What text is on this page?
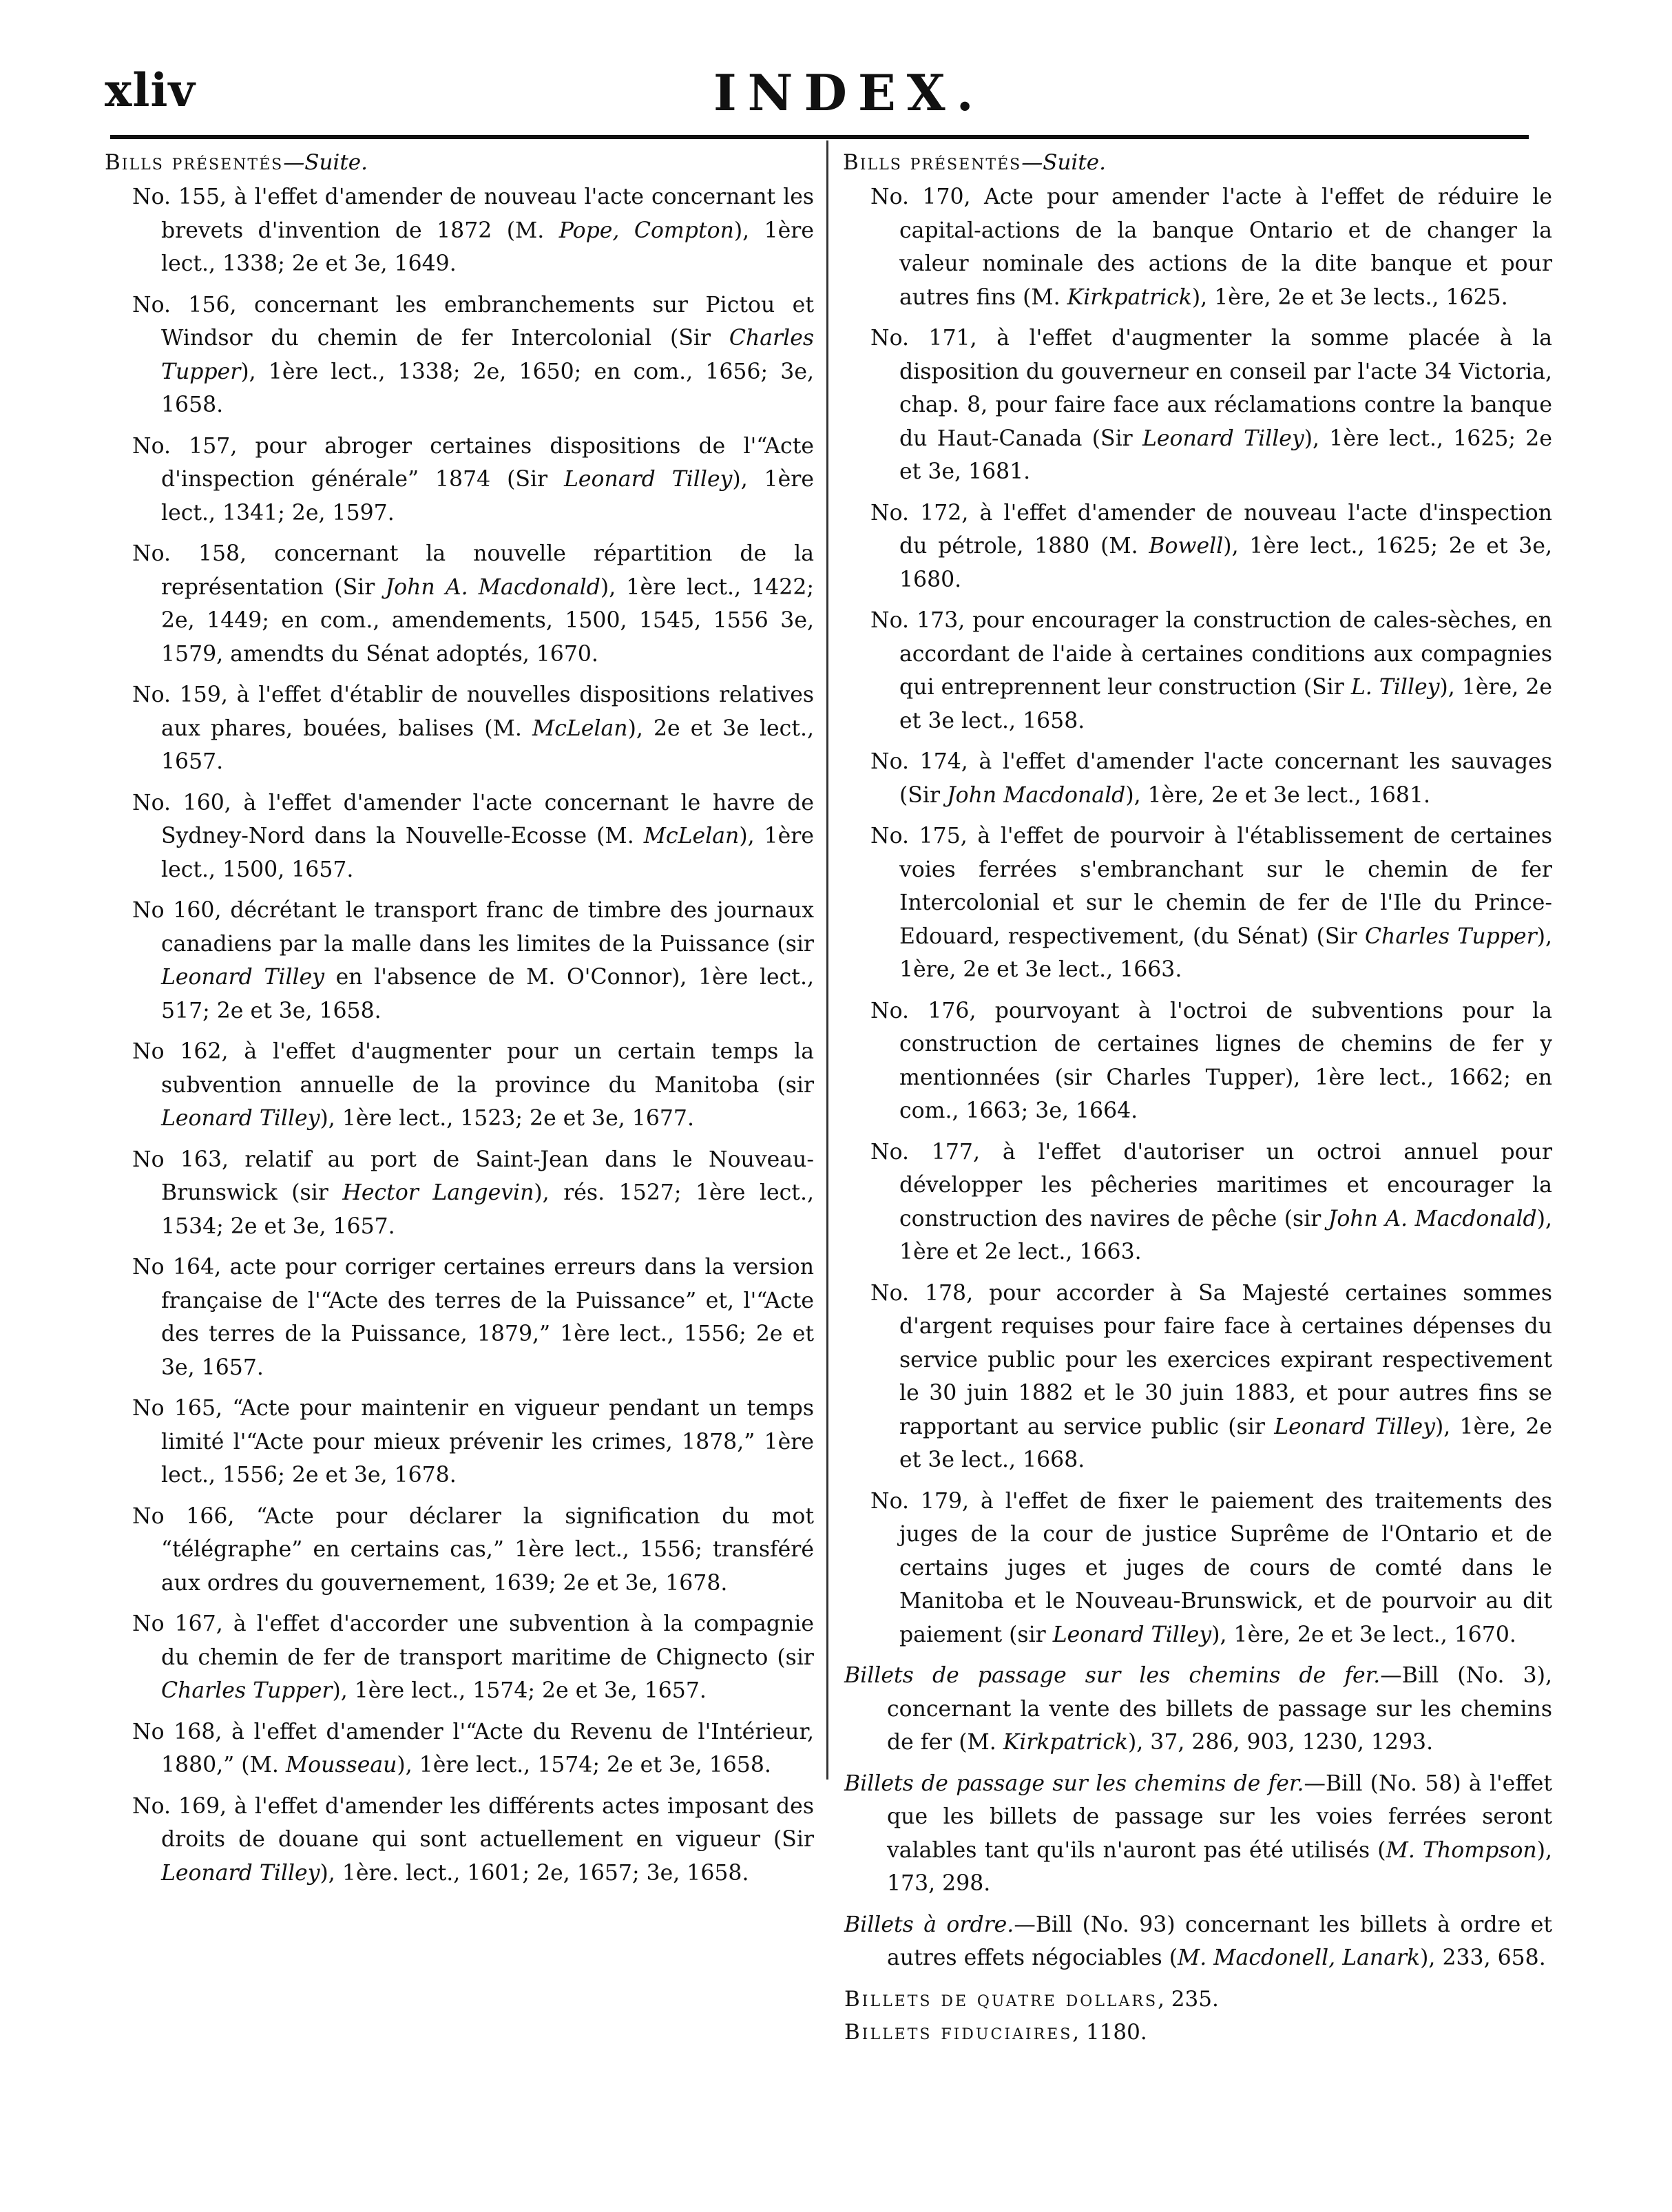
xliv	INDEX.
Bills présentés—Suite.

No. 155, à l'effet d'amender de nouveau l'acte concernant les brevets d'invention de 1872 (M. Pope, Compton), 1ère lect., 1338; 2e et 3e, 1649.

No. 156, concernant les embranchements sur Pictou et Windsor du chemin de fer Intercolonial (Sir Charles Tupper), 1ère lect., 1338; 2e, 1650; en com., 1656; 3e, 1658.

No. 157, pour abroger certaines dispositions de l'“Acte d'inspection générale” 1874 (Sir Leonard Tilley), 1ère lect., 1341; 2e, 1597.

No. 158, concernant la nouvelle répartition de la représentation (Sir John A. Macdonald), 1ère lect., 1422; 2e, 1449; en com., amendements, 1500, 1545, 1556 3e, 1579, amendts du Sénat adoptés, 1670.

No. 159, à l'effet d'établir de nouvelles dispositions relatives aux phares, bouées, balises (M. McLelan), 2e et 3e lect., 1657.

No. 160, à l'effet d'amender l'acte concernant le havre de Sydney-Nord dans la Nouvelle-Ecosse (M. McLelan), 1ère lect., 1500, 1657.

No 160, décrétant le transport franc de timbre des journaux canadiens par la malle dans les limites de la Puissance (sir Leonard Tilley en l'absence de M. O'Connor), 1ère lect., 517; 2e et 3e, 1658.

No 162, à l'effet d'augmenter pour un certain temps la subvention annuelle de la province du Manitoba (sir Leonard Tilley), 1ère lect., 1523; 2e et 3e, 1677.

No 163, relatif au port de Saint-Jean dans le Nouveau-Brunswick (sir Hector Langevin), rés. 1527; 1ère lect., 1534; 2e et 3e, 1657.

No 164, acte pour corriger certaines erreurs dans la version française de l'“Acte des terres de la Puissance” et, l'“Acte des terres de la Puissance, 1879,” 1ère lect., 1556; 2e et 3e, 1657.

No 165, “Acte pour maintenir en vigueur pendant un temps limité l'“Acte pour mieux prévenir les crimes, 1878,” 1ère lect., 1556; 2e et 3e, 1678.

No 166, “Acte pour déclarer la signification du mot “télégraphe” en certains cas,” 1ère lect., 1556; transféré aux ordres du gouvernement, 1639; 2e et 3e, 1678.

No 167, à l'effet d'accorder une subvention à la compagnie du chemin de fer de transport maritime de Chignecto (sir Charles Tupper), 1ère lect., 1574; 2e et 3e, 1657.

No 168, à l'effet d'amender l'“Acte du Revenu de l'Intérieur, 1880,” (M. Mousseau), 1ère lect., 1574; 2e et 3e, 1658.

No. 169, à l'effet d'amender les différents actes imposant des droits de douane qui sont actuellement en vigueur (Sir Leonard Tilley), 1ère. lect., 1601; 2e, 1657; 3e, 1658.

Bills présentés—Suite.

No. 170, Acte pour amender l'acte à l'effet de réduire le capital-actions de la banque Ontario et de changer la valeur nominale des actions de la dite banque et pour autres fins (M. Kirkpatrick), 1ère, 2e et 3e lects., 1625.

No. 171, à l'effet d'augmenter la somme placée à la disposition du gouverneur en conseil par l'acte 34 Victoria, chap. 8, pour faire face aux réclamations contre la banque du Haut-Canada (Sir Leonard Tilley), 1ère lect., 1625; 2e et 3e, 1681.

No. 172, à l'effet d'amender de nouveau l'acte d'inspection du pétrole, 1880 (M. Bowell), 1ère lect., 1625; 2e et 3e, 1680.

No. 173, pour encourager la construction de cales-sèches, en accordant de l'aide à certaines conditions aux compagnies qui entreprennent leur construction (Sir L. Tilley), 1ère, 2e et 3e lect., 1658.

No. 174, à l'effet d'amender l'acte concernant les sauvages (Sir John Macdonald), 1ère, 2e et 3e lect., 1681.

No. 175, à l'effet de pourvoir à l'établissement de certaines voies ferrées s'embranchant sur le chemin de fer Intercolonial et sur le chemin de fer de l'Ile du Prince-Edouard, respectivement, (du Sénat) (Sir Charles Tupper), 1ère, 2e et 3e lect., 1663.

No. 176, pourvoyant à l'octroi de subventions pour la construction de certaines lignes de chemins de fer y mentionnées (sir Charles Tupper), 1ère lect., 1662; en com., 1663; 3e, 1664.

No. 177, à l'effet d'autoriser un octroi annuel pour développer les pêcheries maritimes et encourager la construction des navires de pêche (sir John A. Macdonald), 1ère et 2e lect., 1663.

No. 178, pour accorder à Sa Majesté certaines sommes d'argent requises pour faire face à certaines dépenses du service public pour les exercices expirant respectivement le 30 juin 1882 et le 30 juin 1883, et pour autres fins se rapportant au service public (sir Leonard Tilley), 1ère, 2e et 3e lect., 1668.

No. 179, à l'effet de fixer le paiement des traitements des juges de la cour de justice Suprême de l'Ontario et de certains juges et juges de cours de comté dans le Manitoba et le Nouveau-Brunswick, et de pourvoir au dit paiement (sir Leonard Tilley), 1ère, 2e et 3e lect., 1670.

Billets de passage sur les chemins de fer.—Bill (No. 3), concernant la vente des billets de passage sur les chemins de fer (M. Kirkpatrick), 37, 286, 903, 1230, 1293.

Billets de passage sur les chemins de fer.—Bill (No. 58) à l'effet que les billets de passage sur les voies ferrées seront valables tant qu'ils n'auront pas été utilisés (M. Thompson), 173, 298.

Billets à ordre.—Bill (No. 93) concernant les billets à ordre et autres effets négociables (M. Macdonell, Lanark), 233, 658.

Billets de quatre dollars, 235.

Billets fiduciaires, 1180.
